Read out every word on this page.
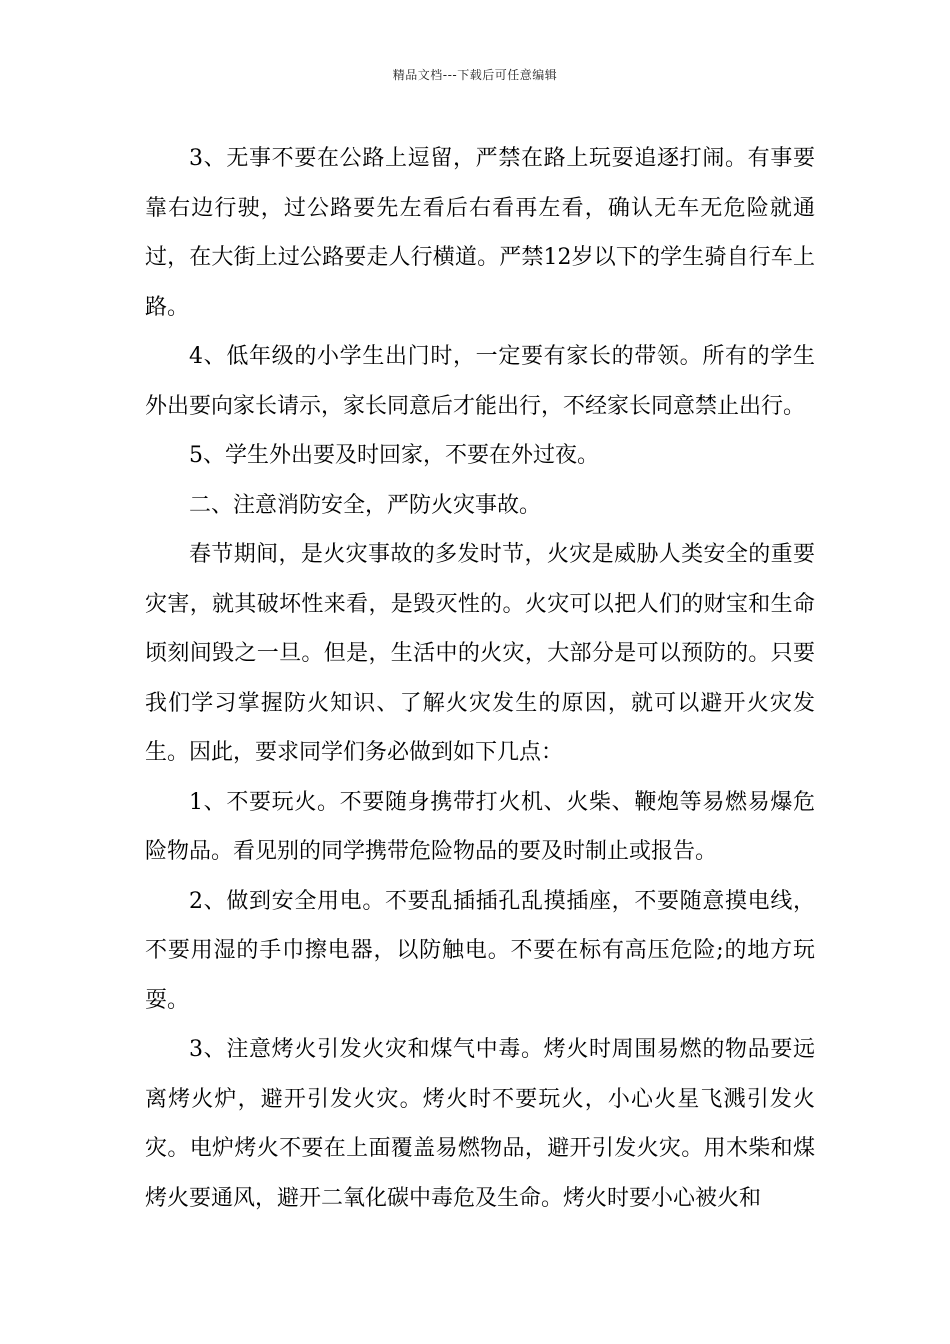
精品文档---下载后可任意编辑

3、无事不要在公路上逗留，严禁在路上玩耍追逐打闹。有事要靠右边行驶，过公路要先左看后右看再左看，确认无车无危险就通过，在大街上过公路要走人行横道。严禁12岁以下的学生骑自行车上路。

4、低年级的小学生出门时，一定要有家长的带领。所有的学生外出要向家长请示，家长同意后才能出行，不经家长同意禁止出行。

5、学生外出要及时回家，不要在外过夜。

二、注意消防安全，严防火灾事故。

春节期间，是火灾事故的多发时节，火灾是威胁人类安全的重要灾害，就其破坏性来看，是毁灭性的。火灾可以把人们的财宝和生命顷刻间毁之一旦。但是，生活中的火灾，大部分是可以预防的。只要我们学习掌握防火知识、了解火灾发生的原因，就可以避开火灾发生。因此，要求同学们务必做到如下几点：

1、不要玩火。不要随身携带打火机、火柴、鞭炮等易燃易爆危险物品。看见别的同学携带危险物品的要及时制止或报告。

2、做到安全用电。不要乱插插孔乱摸插座，不要随意摸电线，不要用湿的手巾擦电器，以防触电。不要在标有高压危险;的地方玩耍。

3、注意烤火引发火灾和煤气中毒。烤火时周围易燃的物品要远离烤火炉，避开引发火灾。烤火时不要玩火，小心火星飞溅引发火灾。电炉烤火不要在上面覆盖易燃物品，避开引发火灾。用木柴和煤烤火要通风，避开二氧化碳中毒危及生命。烤火时要小心被火和
